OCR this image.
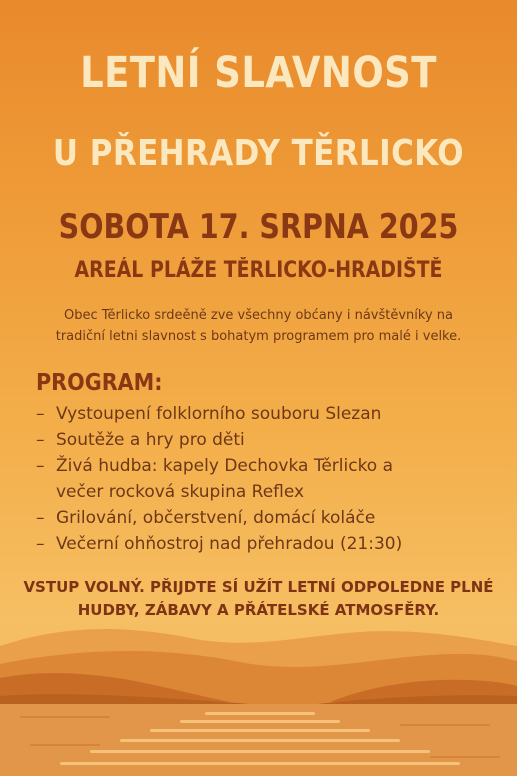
LETNÍ SLAVNOST
U PŘEHRADY TĚRLICKO
SOBOTA 17. SRPNA 2025
AREÁL PLÁŽE TĚRLICKO-HRADIŠTĚ
Obec Těrlicko srdeěně zve všechny obćany i návštěvníky na
tradiční letni slavnost s bohatym programem pro malé i velke.
PROGRAM:
– Vystoupení folklorního souboru Slezan
– Soutěže a hry pro děti
– Živá hudba: kapely Dechovka Těrlicko a
večer rocková skupina Reflex
– Grilování, občerstvení, domácí koláče
– Večerní ohňostroj nad přehradou (21:30)
VSTUP VOLNÝ. PŘIJDTE SÍ UŽÍT LETNÍ ODPOLEDNE PLNÉ
HUDBY, ZÁBAVY A PŘÁTELSKÉ ATMOSFĚRY.
